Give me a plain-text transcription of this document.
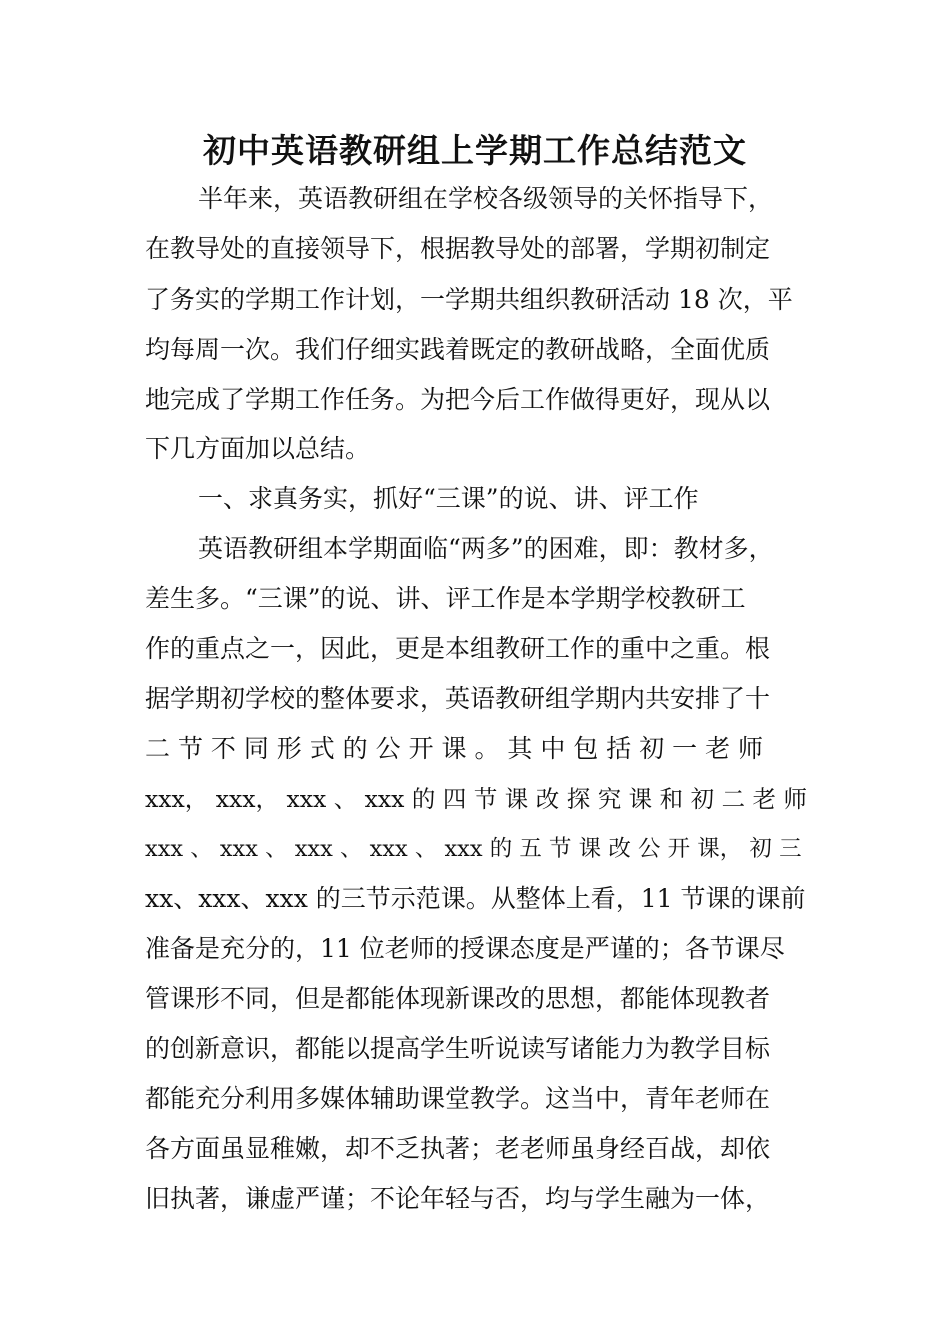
初中英语教研组上学期工作总结范文

半年来，英语教研组在学校各级领导的关怀指导下，

在教导处的直接领导下，根据教导处的部署，学期初制定

了务实的学期工作计划，一学期共组织教研活动 18 次，平

均每周一次。我们仔细实践着既定的教研战略，全面优质

地完成了学期工作任务。为把今后工作做得更好，现从以

下几方面加以总结。

一、求真务实，抓好“三课”的说、讲、评工作

英语教研组本学期面临“两多”的困难，即：教材多，

差生多。“三课”的说、讲、评工作是本学期学校教研工

作的重点之一，因此，更是本组教研工作的重中之重。根

据学期初学校的整体要求，英语教研组学期内共安排了十

二 节 不 同 形 式 的 公 开 课 。 其 中 包 括 初 一 老 师

xxx， xxx， xxx 、 xxx 的 四 节 课 改 探 究 课 和 初 二 老 师

xxx 、 xxx 、 xxx 、 xxx 、 xxx 的 五 节 课 改 公 开 课， 初 三

xx、xxx、xxx 的三节示范课。从整体上看，11 节课的课前

准备是充分的，11 位老师的授课态度是严谨的；各节课尽

管课形不同，但是都能体现新课改的思想，都能体现教者

的创新意识，都能以提高学生听说读写诸能力为教学目标

都能充分利用多媒体辅助课堂教学。这当中，青年老师在

各方面虽显稚嫩，却不乏执著；老老师虽身经百战，却依

旧执著，谦虚严谨；不论年轻与否，均与学生融为一体，
